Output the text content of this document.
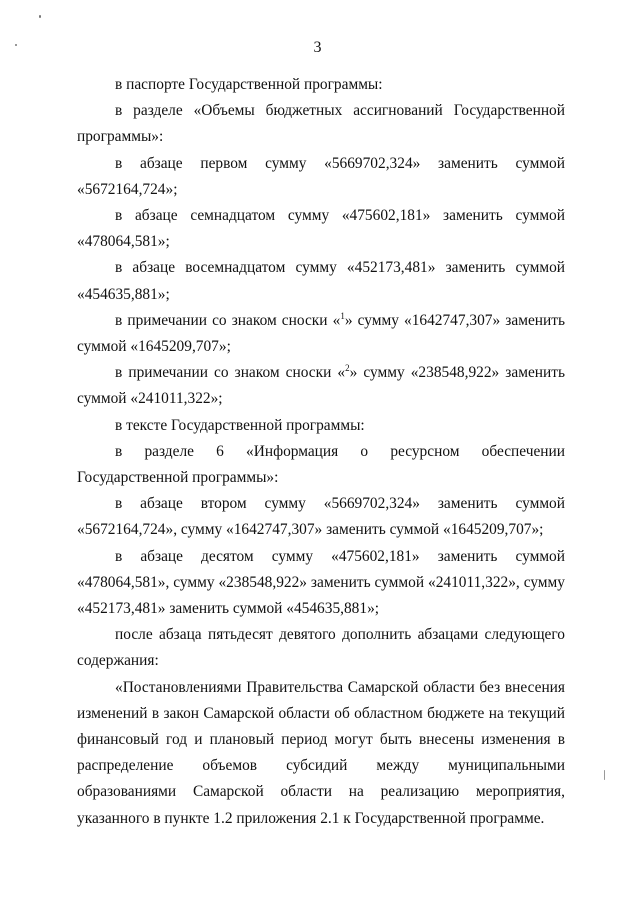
3

в паспорте Государственной программы:

в разделе «Объемы бюджетных ассигнований Государственной программы»:

в абзаце первом сумму «5669702,324» заменить суммой «5672164,724»;

в абзаце семнадцатом сумму «475602,181» заменить суммой «478064,581»;

в абзаце восемнадцатом сумму «452173,481» заменить суммой «454635,881»;

в примечании со знаком сноски «$^1$» сумму «1642747,307» заменить суммой «1645209,707»;

в примечании со знаком сноски «$^2$» сумму «238548,922» заменить суммой «241011,322»;

в тексте Государственной программы:

в разделе 6 «Информация о ресурсном обеспечении Государственной программы»:

в абзаце втором сумму «5669702,324» заменить суммой «5672164,724», сумму «1642747,307» заменить суммой «1645209,707»;

в абзаце десятом сумму «475602,181» заменить суммой «478064,581», сумму «238548,922» заменить суммой «241011,322», сумму «452173,481» заменить суммой «454635,881»;

после абзаца пятьдесят девятого дополнить абзацами следующего содержания:

«Постановлениями Правительства Самарской области без внесения изменений в закон Самарской области об областном бюджете на текущий финансовый год и плановый период могут быть внесены изменения в распределение объемов субсидий между муниципальными образованиями Самарской области на реализацию мероприятия, указанного в пункте 1.2 приложения 2.1 к Государственной программе.
